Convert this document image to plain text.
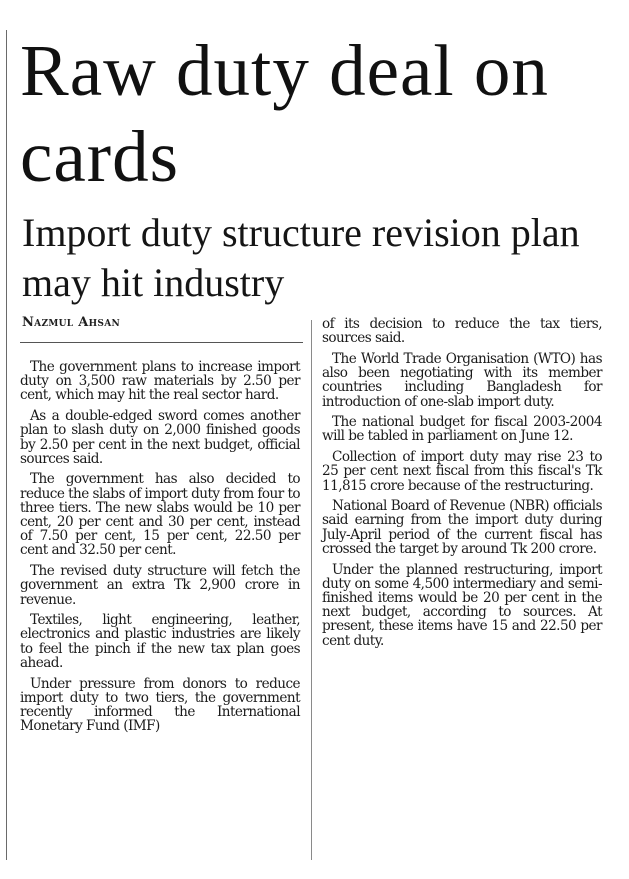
Raw duty deal on cards
Import duty structure revision plan may hit industry
Nazmul Ahsan

The government plans to increase import duty on 3,500 raw materials by 2.50 per cent, which may hit the real sector hard.

As a double-edged sword comes another plan to slash duty on 2,000 finished goods by 2.50 per cent in the next budget, official sources said.

The government has also decided to reduce the slabs of import duty from four to three tiers. The new slabs would be 10 per cent, 20 per cent and 30 per cent, instead of 7.50 per cent, 15 per cent, 22.50 per cent and 32.50 per cent.

The revised duty structure will fetch the government an extra Tk 2,900 crore in revenue.

Textiles, light engineering, leather, electronics and plastic industries are likely to feel the pinch if the new tax plan goes ahead.

Under pressure from donors to reduce import duty to two tiers, the government recently informed the International Monetary Fund (IMF)

of its decision to reduce the tax tiers, sources said.

The World Trade Organisation (WTO) has also been negotiating with its member countries including Bangladesh for introduction of one-slab import duty.

The national budget for fiscal 2003-2004 will be tabled in parliament on June 12.

Collection of import duty may rise 23 to 25 per cent next fiscal from this fiscal's Tk 11,815 crore because of the restructuring.

National Board of Revenue (NBR) officials said earning from the import duty during July-April period of the current fiscal has crossed the target by around Tk 200 crore.

Under the planned restructuring, import duty on some 4,500 intermediary and semi-finished items would be 20 per cent in the next budget, according to sources. At present, these items have 15 and 22.50 per cent duty.
